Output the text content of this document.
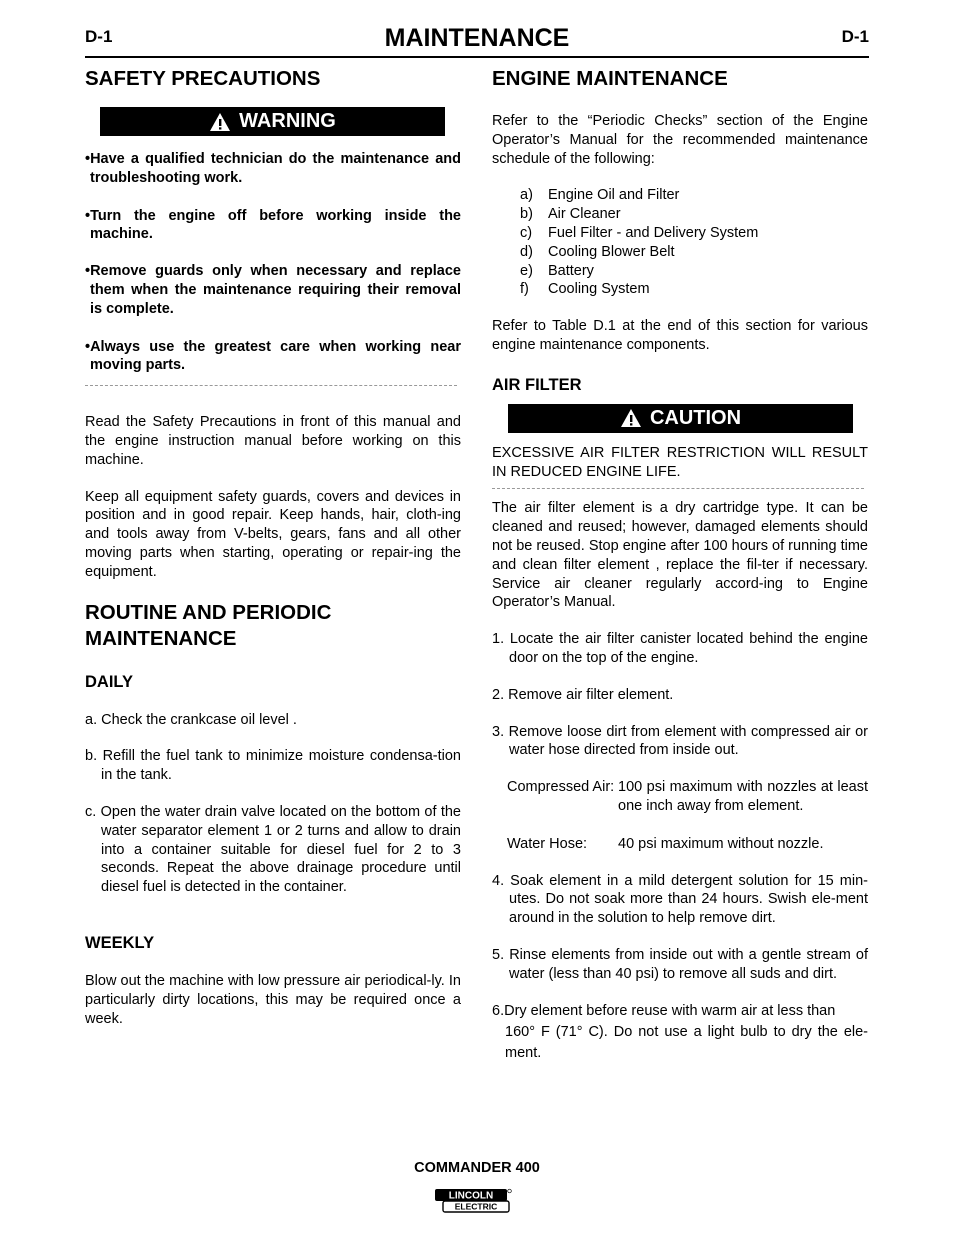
D-1	MAINTENANCE	D-1
SAFETY PRECAUTIONS
WARNING

•Have a qualified technician do the maintenance and troubleshooting work.

•Turn the engine off before working inside the machine.

•Remove guards only when necessary and replace them when the maintenance requiring their removal is complete.

•Always use the greatest care when working near moving parts.

Read the Safety Precautions in front of this manual and the engine instruction manual before working on this machine.

Keep all equipment safety guards, covers and devices in position and in good repair. Keep hands, hair, cloth-ing and tools away from V-belts, gears, fans and all other moving parts when starting, operating or repair-ing the equipment.

ROUTINE AND PERIODIC MAINTENANCE
DAILY

a. Check the crankcase oil level .

b. Refill the fuel tank to minimize moisture condensa-tion in the tank.

c. Open the water drain valve located on the bottom of the water separator element 1 or 2 turns and allow to drain into a container suitable for diesel fuel for 2 to 3 seconds. Repeat the above drainage procedure until diesel fuel is detected in the container.

WEEKLY

Blow out the machine with low pressure air periodical-ly. In particularly dirty locations, this may be required once a week.

ENGINE MAINTENANCE

Refer to the “Periodic Checks” section of the Engine Operator’s Manual for the recommended maintenance schedule of the following:

a)	Engine Oil and Filter
b)	Air Cleaner
c)	Fuel Filter - and Delivery System
d)	Cooling Blower Belt
e)	Battery
f)	Cooling System

Refer to Table D.1 at the end of this section for various engine maintenance components.

AIR FILTER
CAUTION

EXCESSIVE AIR FILTER RESTRICTION WILL RESULT IN REDUCED ENGINE LIFE.

The air filter element is a dry cartridge type. It can be cleaned and reused; however, damaged elements should not be reused. Stop engine after 100 hours of running time and clean filter element , replace the fil-ter if necessary. Service air cleaner regularly accord-ing to Engine Operator’s Manual.

1. Locate the air filter canister located behind the engine door on the top of the engine.

2. Remove air filter element.

3. Remove loose dirt from element with compressed air or water hose directed from inside out.

Compressed Air: 100 psi maximum with nozzles at least one inch away from element.
Water Hose:	40 psi maximum without nozzle.

4. Soak element in a mild detergent solution for 15 min-utes. Do not soak more than 24 hours. Swish ele-ment around in the solution to help remove dirt.

5. Rinse elements from inside out with a gentle stream of water (less than 40 psi) to remove all suds and dirt.

6.Dry element before reuse with warm air at less than

160° F (71° C). Do not use a light bulb to dry the ele-ment.

COMMANDER 400
LINCOLN
ELECTRIC
